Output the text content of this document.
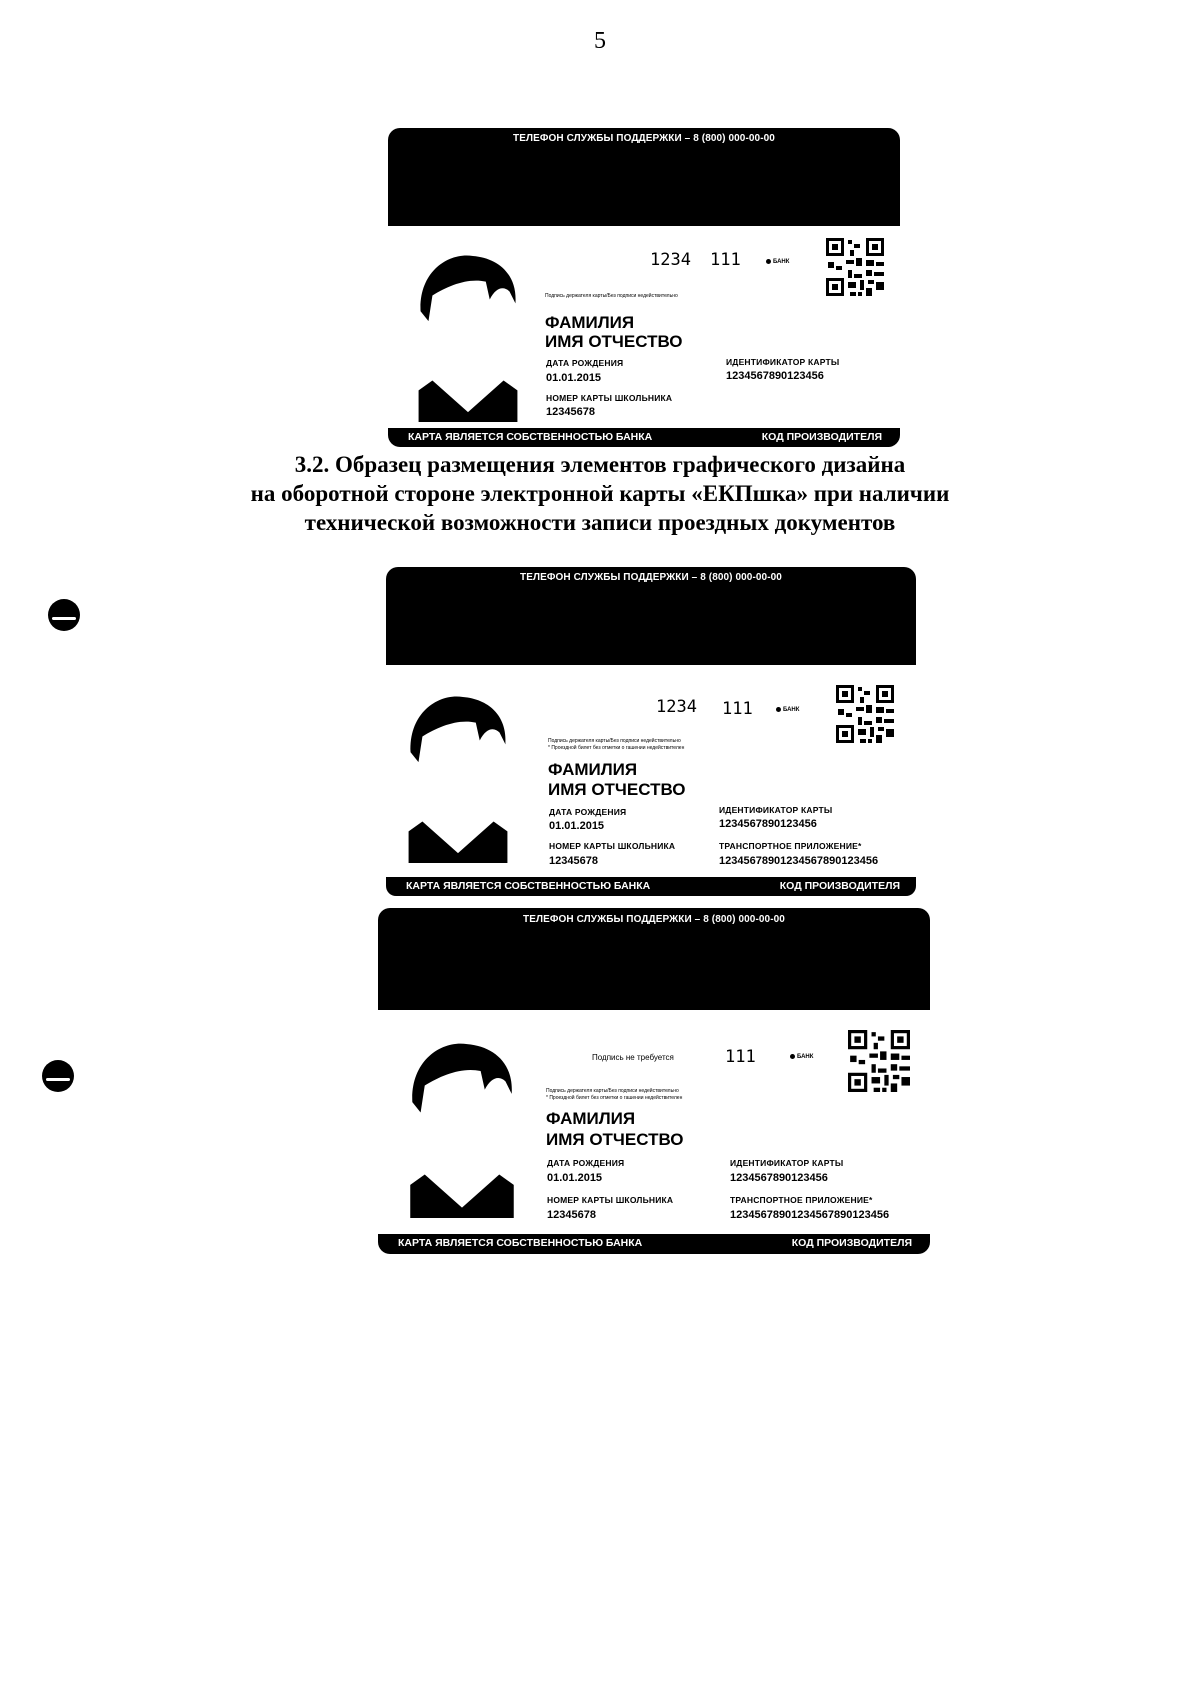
5
ТЕЛЕФОН СЛУЖБЫ ПОДДЕРЖКИ – 8 (800) 000-00-00
1234 111	БАНК
Подпись держателя карты/Без подписи недействительно
ФАМИЛИЯ
ИМЯ ОТЧЕСТВО
ДАТА РОЖДЕНИЯ
01.01.2015
ИДЕНТИФИКАТОР КАРТЫ
1234567890123456
НОМЕР КАРТЫ ШКОЛЬНИКА
12345678
КАРТА ЯВЛЯЕТСЯ СОБСТВЕННОСТЬЮ БАНКА	КОД ПРОИЗВОДИТЕЛЯ
3.2. Образец размещения элементов графического дизайна
на оборотной стороне электронной карты «ЕКПшка» при наличии
технической возможности записи проездных документов
ТЕЛЕФОН СЛУЖБЫ ПОДДЕРЖКИ – 8 (800) 000-00-00
1234 111	БАНК
Подпись держателя карты/Без подписи недействительно
* Проездной билет без отметки о гашении недействителен
ФАМИЛИЯ
ИМЯ ОТЧЕСТВО
ДАТА РОЖДЕНИЯ
01.01.2015
ИДЕНТИФИКАТОР КАРТЫ
1234567890123456
НОМЕР КАРТЫ ШКОЛЬНИКА
12345678
ТРАНСПОРТНОЕ ПРИЛОЖЕНИЕ*
12345678901234567890123456
КАРТА ЯВЛЯЕТСЯ СОБСТВЕННОСТЬЮ БАНКА	КОД ПРОИЗВОДИТЕЛЯ
ТЕЛЕФОН СЛУЖБЫ ПОДДЕРЖКИ – 8 (800) 000-00-00
Подпись не требуется	111	БАНК
Подпись держателя карты/Без подписи недействительно
* Проездной билет без отметки о гашении недействителен
ФАМИЛИЯ
ИМЯ ОТЧЕСТВО
ДАТА РОЖДЕНИЯ
01.01.2015
ИДЕНТИФИКАТОР КАРТЫ
1234567890123456
НОМЕР КАРТЫ ШКОЛЬНИКА
12345678
ТРАНСПОРТНОЕ ПРИЛОЖЕНИЕ*
12345678901234567890123456
КАРТА ЯВЛЯЕТСЯ СОБСТВЕННОСТЬЮ БАНКА	КОД ПРОИЗВОДИТЕЛЯ
